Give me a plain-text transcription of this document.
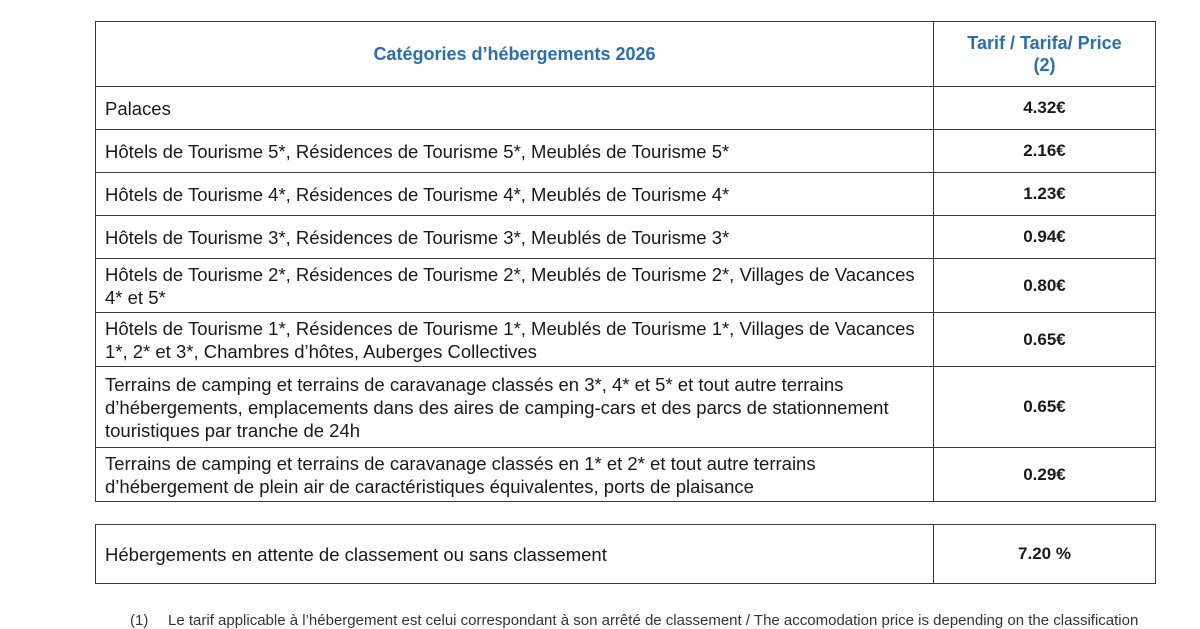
Catégories d’hébergements 2026	Tarif / Tarifa/ Price
(2)

Palaces	4.32€
Hôtels de Tourisme 5*, Résidences de Tourisme 5*, Meublés de Tourisme 5*	2.16€
Hôtels de Tourisme 4*, Résidences de Tourisme 4*, Meublés de Tourisme 4*	1.23€
Hôtels de Tourisme 3*, Résidences de Tourisme 3*, Meublés de Tourisme 3*	0.94€
Hôtels de Tourisme 2*, Résidences de Tourisme 2*, Meublés de Tourisme 2*, Villages de Vacances 4* et 5*	0.80€
Hôtels de Tourisme 1*, Résidences de Tourisme 1*, Meublés de Tourisme 1*, Villages de Vacances 1*, 2* et 3*, Chambres d’hôtes, Auberges Collectives	0.65€
Terrains de camping et terrains de caravanage classés en 3*, 4* et 5* et tout autre terrains d’hébergements, emplacements dans des aires de camping-cars et des parcs de stationnement touristiques par tranche de 24h	0.65€
Terrains de camping et terrains de caravanage classés en 1* et 2* et tout autre terrains d’hébergement de plein air de caractéristiques équivalentes, ports de plaisance	0.29€
Hébergements en attente de classement ou sans classement	7.20 %
(1) Le tarif applicable à l’hébergement est celui correspondant à son arrêté de classement / The accomodation price is depending on the classification
